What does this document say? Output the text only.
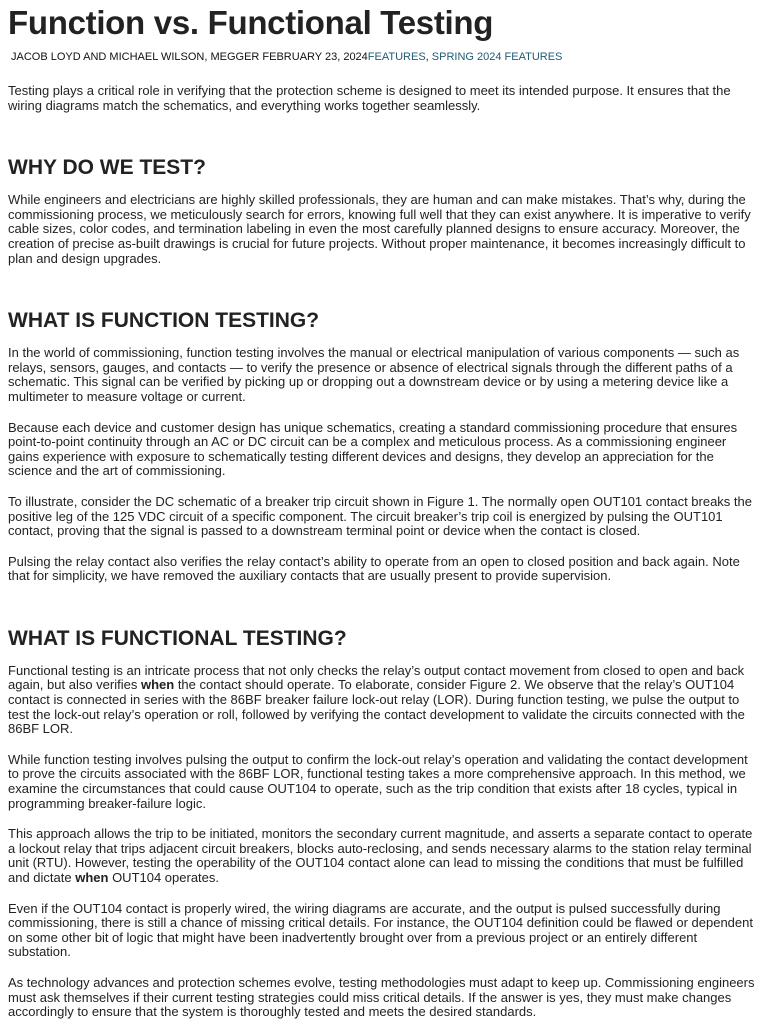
Function vs. Functional Testing
JACOB LOYD AND MICHAEL WILSON, MEGGER FEBRUARY 23, 2024FEATURES, SPRING 2024 FEATURES

Testing plays a critical role in verifying that the protection scheme is designed to meet its intended purpose. It ensures that the wiring diagrams match the schematics, and everything works together seamlessly.

WHY DO WE TEST?

While engineers and electricians are highly skilled professionals, they are human and can make mistakes. That’s why, during the commissioning process, we meticulously search for errors, knowing full well that they can exist anywhere. It is imperative to verify cable sizes, color codes, and termination labeling in even the most carefully planned designs to ensure accuracy. Moreover, the creation of precise as-built drawings is crucial for future projects. Without proper maintenance, it becomes increasingly difficult to plan and design upgrades.

WHAT IS FUNCTION TESTING?

In the world of commissioning, function testing involves the manual or electrical manipulation of various components — such as relays, sensors, gauges, and contacts — to verify the presence or absence of electrical signals through the different paths of a schematic. This signal can be verified by picking up or dropping out a downstream device or by using a metering device like a multimeter to measure voltage or current.

Because each device and customer design has unique schematics, creating a standard commissioning procedure that ensures point-to-point continuity through an AC or DC circuit can be a complex and meticulous process. As a commissioning engineer gains experience with exposure to schematically testing different devices and designs, they develop an appreciation for the science and the art of commissioning.

To illustrate, consider the DC schematic of a breaker trip circuit shown in Figure 1. The normally open OUT101 contact breaks the positive leg of the 125 VDC circuit of a specific component. The circuit breaker’s trip coil is energized by pulsing the OUT101 contact, proving that the signal is passed to a downstream terminal point or device when the contact is closed.

Pulsing the relay contact also verifies the relay contact’s ability to operate from an open to closed position and back again. Note that for simplicity, we have removed the auxiliary contacts that are usually present to provide supervision.

WHAT IS FUNCTIONAL TESTING?

Functional testing is an intricate process that not only checks the relay’s output contact movement from closed to open and back again, but also verifies when the contact should operate. To elaborate, consider Figure 2. We observe that the relay’s OUT104 contact is connected in series with the 86BF breaker failure lock-out relay (LOR). During function testing, we pulse the output to test the lock-out relay’s operation or roll, followed by verifying the contact development to validate the circuits connected with the 86BF LOR.

While function testing involves pulsing the output to confirm the lock-out relay’s operation and validating the contact development to prove the circuits associated with the 86BF LOR, functional testing takes a more comprehensive approach. In this method, we examine the circumstances that could cause OUT104 to operate, such as the trip condition that exists after 18 cycles, typical in programming breaker-failure logic.

This approach allows the trip to be initiated, monitors the secondary current magnitude, and asserts a separate contact to operate a lockout relay that trips adjacent circuit breakers, blocks auto-reclosing, and sends necessary alarms to the station relay terminal unit (RTU). However, testing the operability of the OUT104 contact alone can lead to missing the conditions that must be fulfilled and dictate when OUT104 operates.

Even if the OUT104 contact is properly wired, the wiring diagrams are accurate, and the output is pulsed successfully during commissioning, there is still a chance of missing critical details. For instance, the OUT104 definition could be flawed or dependent on some other bit of logic that might have been inadvertently brought over from a previous project or an entirely different substation.

As technology advances and protection schemes evolve, testing methodologies must adapt to keep up. Commissioning engineers must ask themselves if their current testing strategies could miss critical details. If the answer is yes, they must make changes accordingly to ensure that the system is thoroughly tested and meets the desired standards.
